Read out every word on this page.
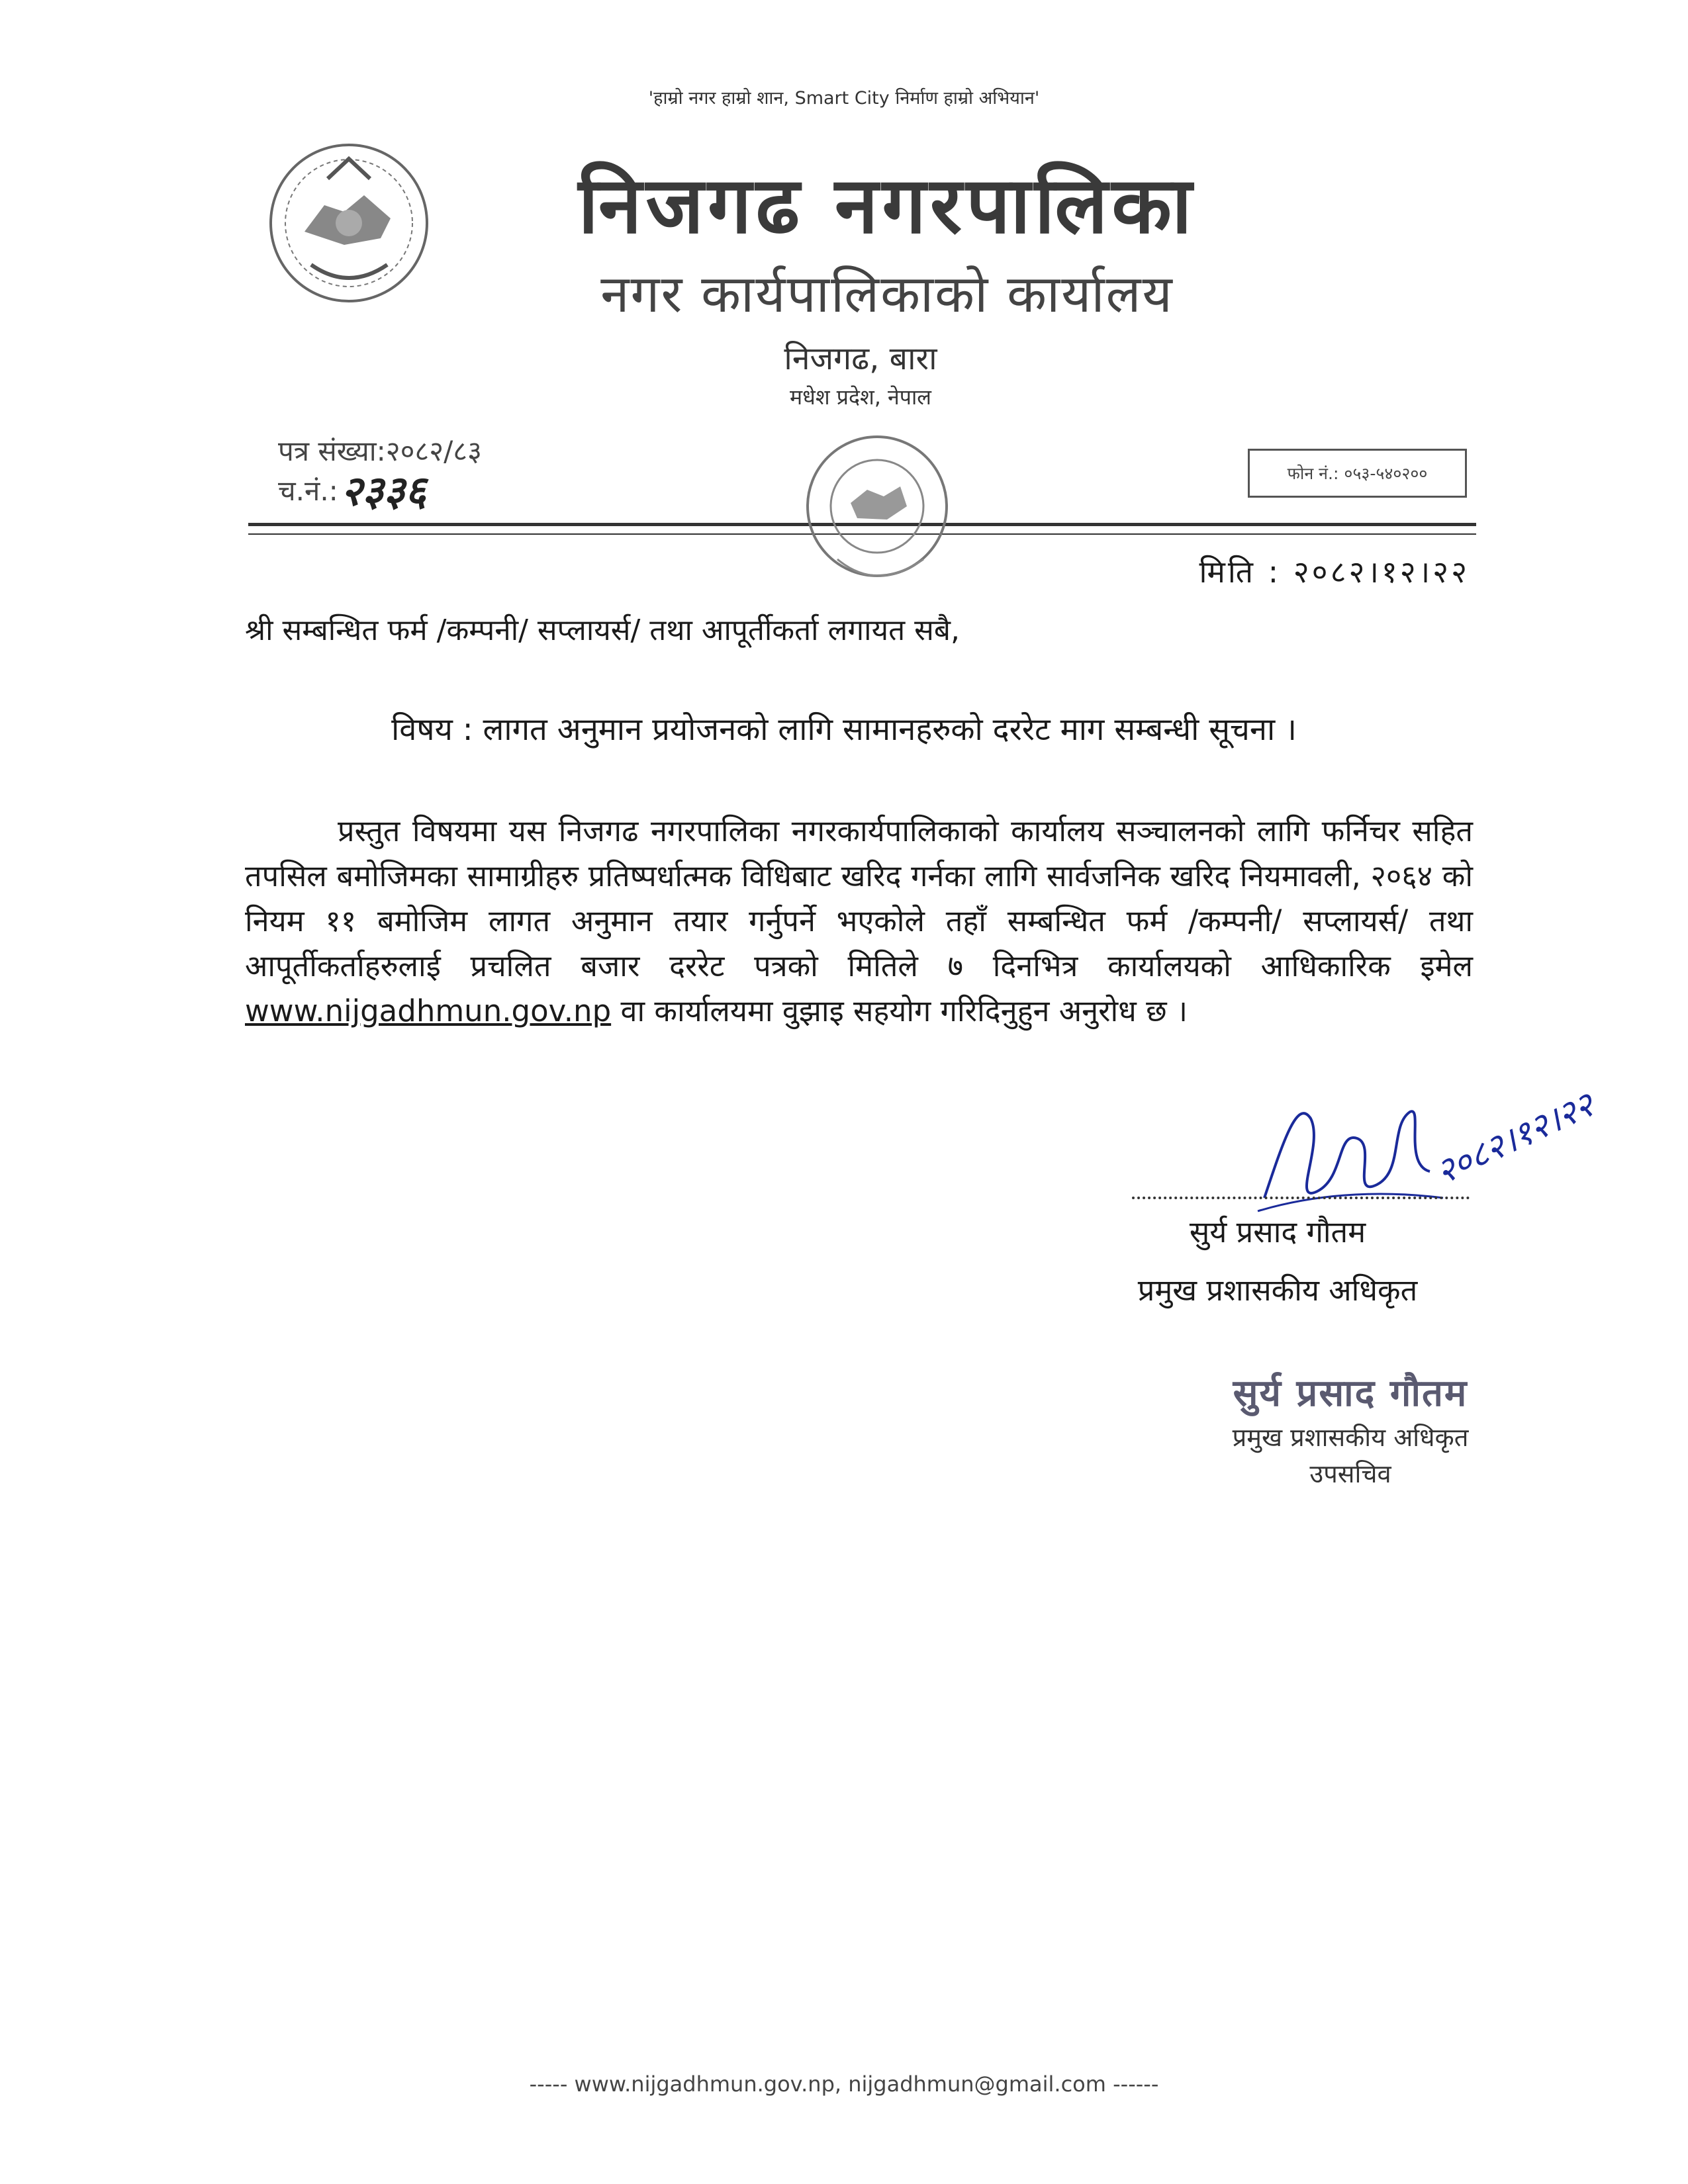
'हाम्रो नगर हाम्रो शान, Smart City निर्माण हाम्रो अभियान'
निजगढ नगरपालिका
नगर कार्यपालिकाको कार्यालय
निजगढ, बारा
मधेश प्रदेश, नेपाल
पत्र संख्या:२०८२/८३
च.नं.: २३३६	फोन नं.: ०५३-५४०२००
मिति : २०८२।१२।२२
श्री सम्बन्धित फर्म /कम्पनी/ सप्लायर्स/ तथा आपूर्तीकर्ता लगायत सबै,
विषय : लागत अनुमान प्रयोजनको लागि सामानहरुको दररेट माग सम्बन्धी सूचना ।
प्रस्तुत विषयमा यस निजगढ नगरपालिका नगरकार्यपालिकाको कार्यालय सञ्चालनको लागि फर्निचर सहित तपसिल बमोजिमका सामाग्रीहरु प्रतिष्पर्धात्मक विधिबाट खरिद गर्नका लागि सार्वजनिक खरिद नियमावली, २०६४ को नियम ११ बमोजिम लागत अनुमान तयार गर्नुपर्ने भएकोले तहाँ सम्बन्धित फर्म /कम्पनी/ सप्लायर्स/ तथा आपूर्तीकर्ताहरुलाई प्रचलित बजार दररेट पत्रको मितिले ७ दिनभित्र कार्यालयको आधिकारिक इमेल www.nijgadhmun.gov.np वा कार्यालयमा वुझाइ सहयोग गरिदिनुहुन अनुरोध छ ।
२०८२।१२।२२
सुर्य प्रसाद गौतम
प्रमुख प्रशासकीय अधिकृत
सुर्य प्रसाद गौतम
प्रमुख प्रशासकीय अधिकृत
उपसचिव
----- www.nijgadhmun.gov.np, nijgadhmun@gmail.com ------
